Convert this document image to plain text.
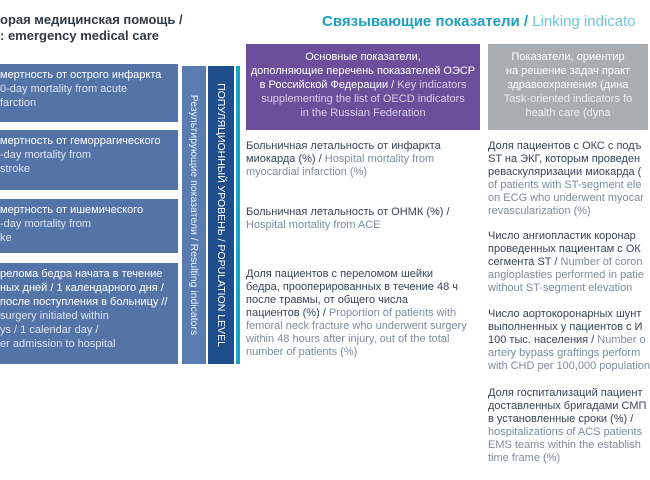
орая медицинская помощь /
: emergency medical care
мертность от острого инфаркта
0-day mortality from acute
farction
мертность от геморрагического
-day mortality from
stroke
мертность от ишемического
-day mortality from
ke
релома бедра начата в течение
ных дней / 1 календарного дня /
после поступления в больницу //
surgery initiated within
ys / 1 calendar day /
er admission to hospital
Результирующие показатели / Resulting indicators	ПОПУЛЯЦИОННЫЙ УРОВЕНЬ / POPULATION LEVEL
Связывающие показатели / Linking indicato
Основные показатели,
дополняющие перечень показателей ОЭСР
в Российской Федерации / Key indicators
supplementing the list of OECD indicators
in the Russian Federation
Показатели, ориентир
на решение задач практ
здравоохранения (дина
Task-oriented indicators fo
health care (dyna
Больничная летальность от инфаркта
миокарда (%) / Hospital mortality from
myocardial infarction (%)
Больничная летальность от ОНМК (%) /
Hospital mortality from ACE
Доля пациентов с переломом шейки
бедра, прооперированных в течение 48 ч
после травмы, от общего числа
пациентов (%) / Proportion of patients with
femoral neck fracture who underwent surgery
within 48 hours after injury, out of the total
number of patients (%)
Доля пациентов с ОКС с подъ
ST на ЭКГ, которым проведен
реваскуляризации миокарда (
of patients with ST-segment ele
on ECG who underwent myocar
revascularization (%)
Число ангиопластик коронар
проведенных пациентам с ОК
сегмента ST / Number of coron
angioplasties performed in patie
without ST-segment elevation
Число аортокоронарных шунт
выполненных у пациентов с И
100 тыс. населения / Number o
artery bypass graftings perform
with CHD per 100,000 population
Доля госпитализаций пациент
доставленных бригадами СМП
в установленные сроки (%) /
hospitalizations of ACS patients
EMS teams within the establish
time frame (%)
